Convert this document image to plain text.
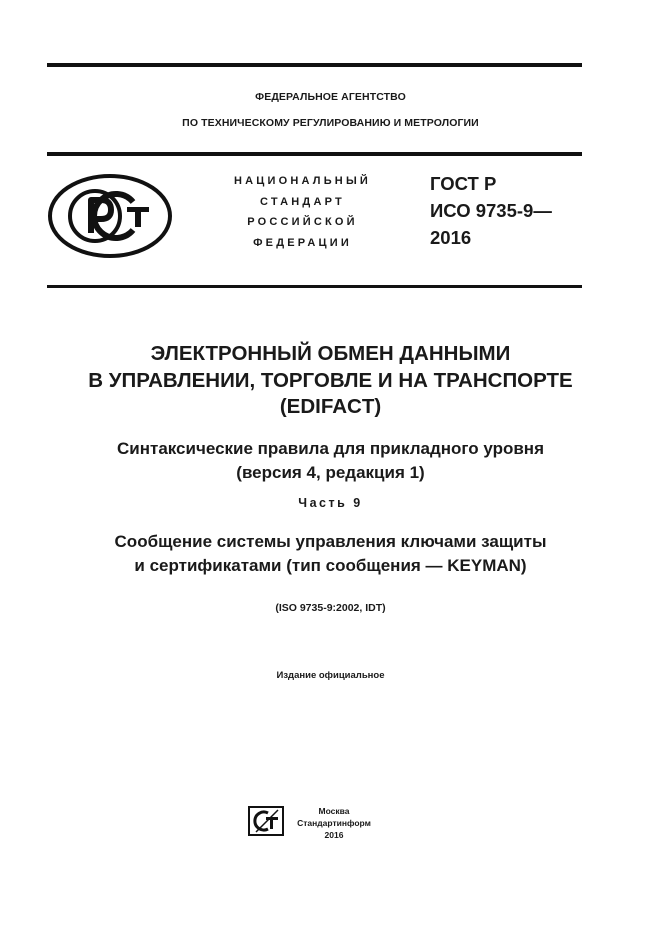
ФЕДЕРАЛЬНОЕ АГЕНТСТВО
ПО ТЕХНИЧЕСКОМУ РЕГУЛИРОВАНИЮ И МЕТРОЛОГИИ
НАЦИОНАЛЬНЫЙ
СТАНДАРТ
РОССИЙСКОЙ
ФЕДЕРАЦИИ
ГОСТ Р
ИСО 9735-9—
2016
ЭЛЕКТРОННЫЙ ОБМЕН ДАННЫМИ
В УПРАВЛЕНИИ, ТОРГОВЛЕ И НА ТРАНСПОРТЕ
(EDIFACT)
Синтаксические правила для прикладного уровня
(версия 4, редакция 1)
Часть 9
Сообщение системы управления ключами защиты
и сертификатами (тип сообщения — KEYMAN)
(ISO 9735-9:2002, IDT)
Издание официальное
Москва
Стандартинформ
2016
